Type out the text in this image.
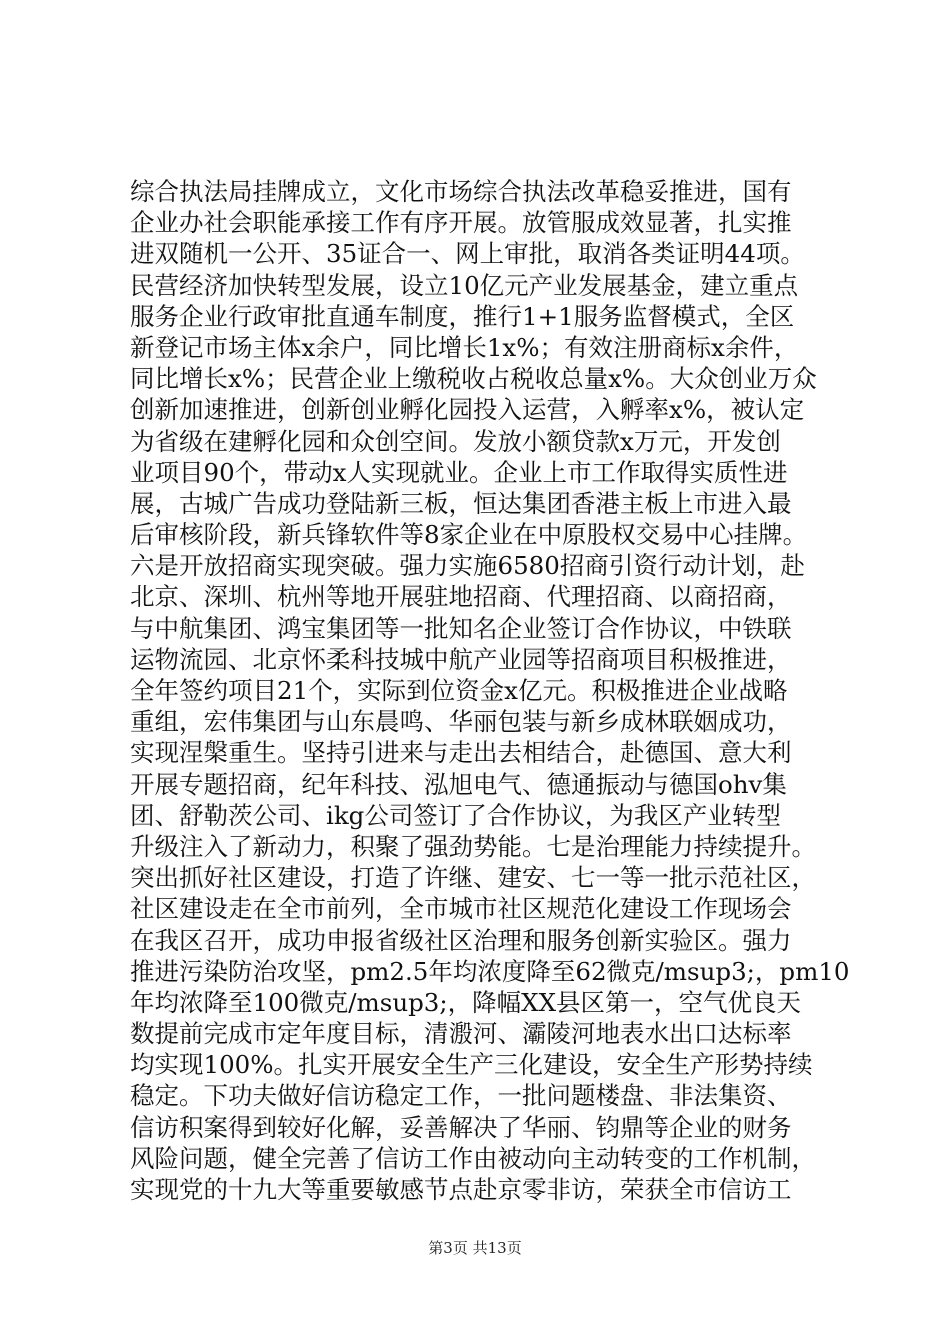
综合执法局挂牌成立，文化市场综合执法改革稳妥推进，国有
企业办社会职能承接工作有序开展。放管服成效显著，扎实推
进双随机一公开、35证合一、网上审批，取消各类证明44项。
民营经济加快转型发展，设立10亿元产业发展基金，建立重点
服务企业行政审批直通车制度，推行1+1服务监督模式，全区
新登记市场主体x余户，同比增长1x%；有效注册商标x余件，
同比增长x%；民营企业上缴税收占税收总量x%。大众创业万众
创新加速推进，创新创业孵化园投入运营，入孵率x%，被认定
为省级在建孵化园和众创空间。发放小额贷款x万元，开发创
业项目90个，带动x人实现就业。企业上市工作取得实质性进
展，古城广告成功登陆新三板，恒达集团香港主板上市进入最
后审核阶段，新兵锋软件等8家企业在中原股权交易中心挂牌。
六是开放招商实现突破。强力实施6580招商引资行动计划，赴
北京、深圳、杭州等地开展驻地招商、代理招商、以商招商，
与中航集团、鸿宝集团等一批知名企业签订合作协议，中铁联
运物流园、北京怀柔科技城中航产业园等招商项目积极推进，
全年签约项目21个，实际到位资金x亿元。积极推进企业战略
重组，宏伟集团与山东晨鸣、华丽包装与新乡成林联姻成功，
实现涅槃重生。坚持引进来与走出去相结合，赴德国、意大利
开展专题招商，纪年科技、泓旭电气、德通振动与德国ohv集
团、舒勒茨公司、ikg公司签订了合作协议，为我区产业转型
升级注入了新动力，积聚了强劲势能。七是治理能力持续提升。
突出抓好社区建设，打造了许继、建安、七一等一批示范社区，
社区建设走在全市前列，全市城市社区规范化建设工作现场会
在我区召开，成功申报省级社区治理和服务创新实验区。强力
推进污染防治攻坚，pm2.5年均浓度降至62微克/msup3;，pm10
年均浓降至100微克/msup3;，降幅XX县区第一，空气优良天
数提前完成市定年度目标，清溵河、灞陵河地表水出口达标率
均实现100%。扎实开展安全生产三化建设，安全生产形势持续
稳定。下功夫做好信访稳定工作，一批问题楼盘、非法集资、
信访积案得到较好化解，妥善解决了华丽、钧鼎等企业的财务
风险问题，健全完善了信访工作由被动向主动转变的工作机制，
实现党的十九大等重要敏感节点赴京零非访，荣获全市信访工
第3页 共13页
